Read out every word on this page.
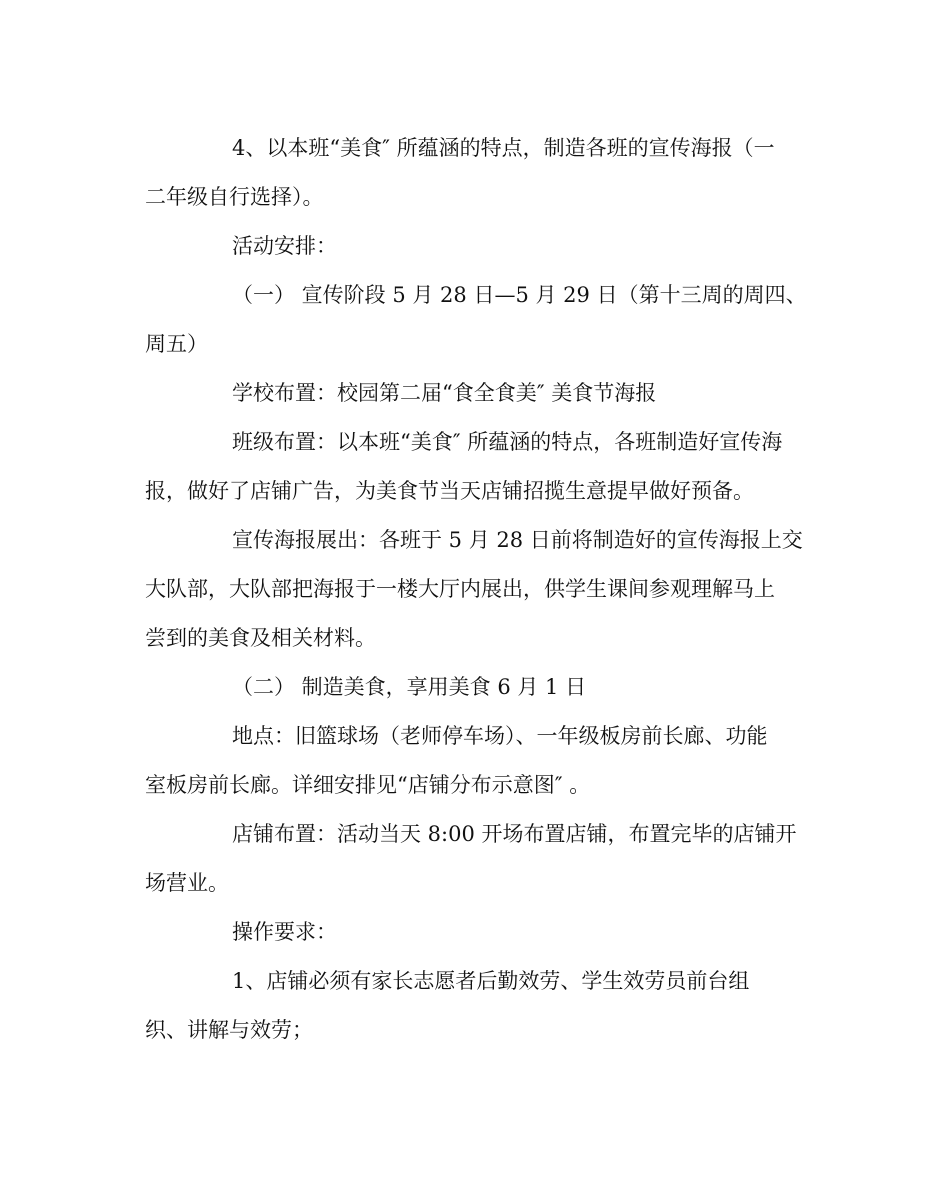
4、以本班“美食″ 所蕴涵的特点，制造各班的宣传海报（一
二年级自行选择）。
活动安排：
（一） 宣传阶段 5 月 28 日—5 月 29 日（第十三周的周四、
周五）
学校布置：校园第二届“食全食美″ 美食节海报
班级布置：以本班“美食″ 所蕴涵的特点，各班制造好宣传海
报，做好了店铺广告，为美食节当天店铺招揽生意提早做好预备。
宣传海报展出：各班于 5 月 28 日前将制造好的宣传海报上交
大队部，大队部把海报于一楼大厅内展出，供学生课间参观理解马上
尝到的美食及相关材料。
（二） 制造美食，享用美食 6 月 1 日
地点：旧篮球场（老师停车场）、一年级板房前长廊、功能
室板房前长廊。详细安排见“店铺分布示意图″ 。
店铺布置：活动当天 8:00 开场布置店铺，布置完毕的店铺开
场营业。
操作要求：
1、店铺必须有家长志愿者后勤效劳、学生效劳员前台组
织、讲解与效劳；
